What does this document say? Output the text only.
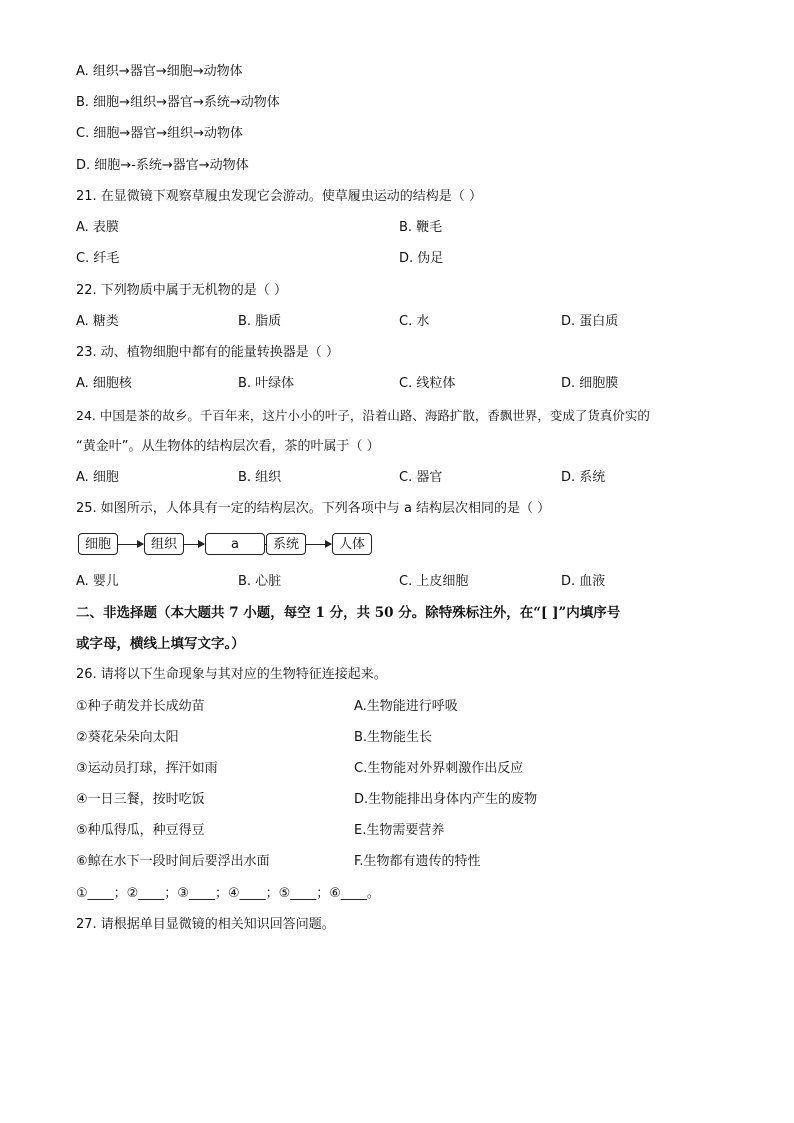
A. 组织→器官→细胞→动物体
B. 细胞→组织→器官→系统→动物体
C. 细胞→器官→组织→动物体
D. 细胞→-系统→器官→动物体
21. 在显微镜下观察草履虫发现它会游动。使草履虫运动的结构是（ ）
A. 表膜	B. 鞭毛
C. 纤毛	D. 伪足
22. 下列物质中属于无机物的是（ ）
A. 糖类	B. 脂质	C. 水	D. 蛋白质
23. 动、植物细胞中都有的能量转换器是（ ）
A. 细胞核	B. 叶绿体	C. 线粒体	D. 细胞膜
24. 中国是茶的故乡。千百年来，这片小小的叶子，沿着山路、海路扩散，香飘世界，变成了货真价实的
“黄金叶”。从生物体的结构层次看，茶的叶属于（ ）
A. 细胞	B. 组织	C. 器官	D. 系统
25. 如图所示，人体具有一定的结构层次。下列各项中与 a 结构层次相同的是（ ）
细胞	组织	a	系统	人体
A. 婴儿	B. 心脏	C. 上皮细胞	D. 血液
二、非选择题（本大题共 7 小题，每空 1 分，共 50 分。除特殊标注外，在“[ ]”内填序号
或字母，横线上填写文字。）
26. 请将以下生命现象与其对应的生物特征连接起来。
①种子萌发并长成幼苗	A.生物能进行呼吸
②葵花朵朵向太阳	B.生物能生长
③运动员打球，挥汗如雨	C.生物能对外界刺激作出反应
④一日三餐，按时吃饭	D.生物能排出身体内产生的废物
⑤种瓜得瓜，种豆得豆	E.生物需要营养
⑥鲸在水下一段时间后要浮出水面	F.生物都有遗传的特性
①____；②____；③____；④____；⑤____；⑥____。
27. 请根据单目显微镜的相关知识回答问题。
